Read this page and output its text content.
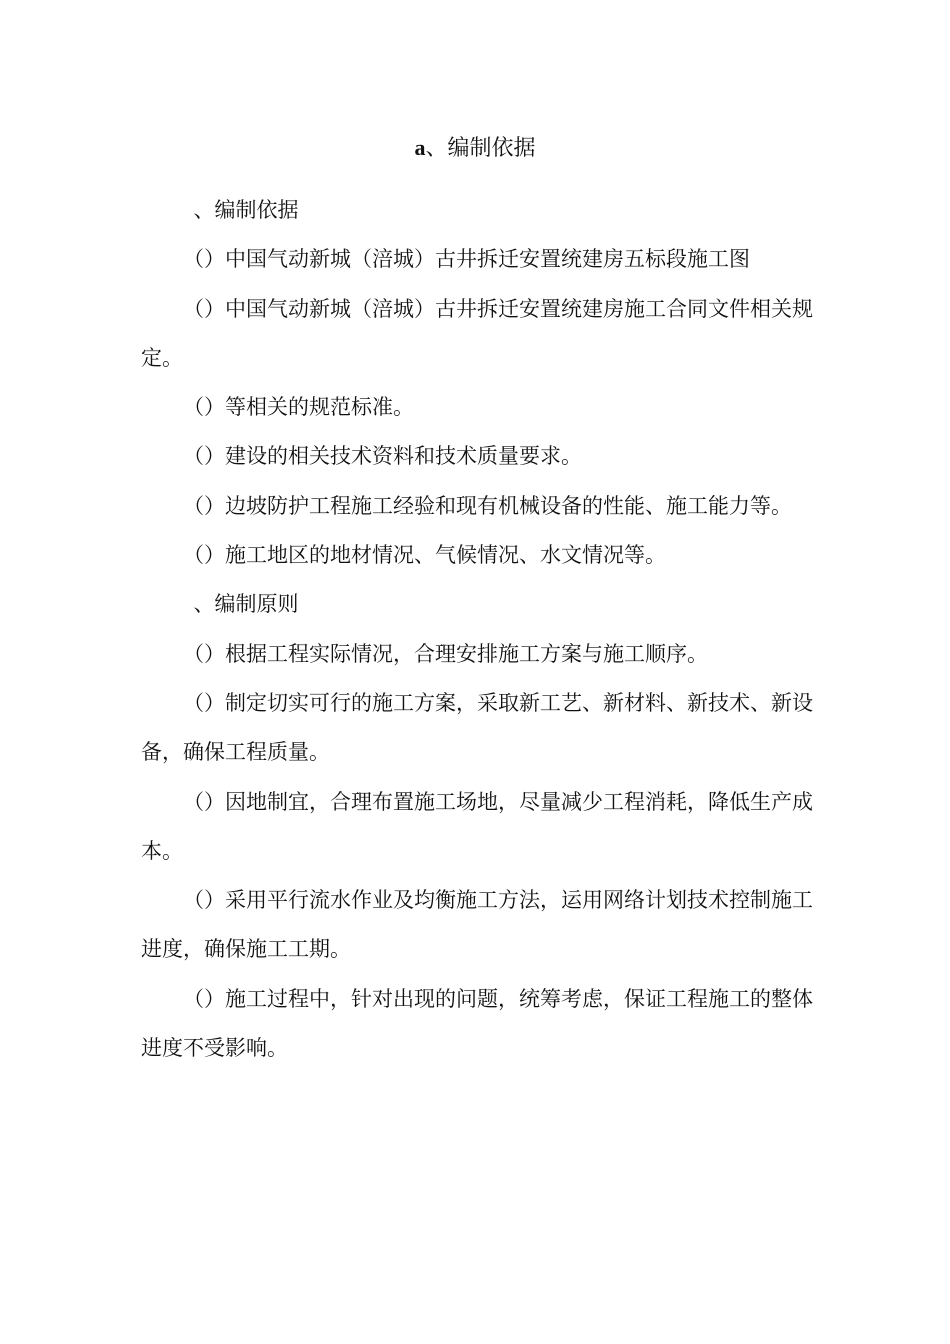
a、编制依据

、编制依据

（）中国气动新城（涪城）古井拆迁安置统建房五标段施工图

（）中国气动新城（涪城）古井拆迁安置统建房施工合同文件相关规定。

（）等相关的规范标准。

（）建设的相关技术资料和技术质量要求。

（）边坡防护工程施工经验和现有机械设备的性能、施工能力等。

（）施工地区的地材情况、气候情况、水文情况等。

、编制原则

（）根据工程实际情况，合理安排施工方案与施工顺序。

（）制定切实可行的施工方案，采取新工艺、新材料、新技术、新设备，确保工程质量。

（）因地制宜，合理布置施工场地，尽量减少工程消耗，降低生产成本。

（）采用平行流水作业及均衡施工方法，运用网络计划技术控制施工进度，确保施工工期。

（）施工过程中，针对出现的问题，统筹考虑，保证工程施工的整体进度不受影响。
